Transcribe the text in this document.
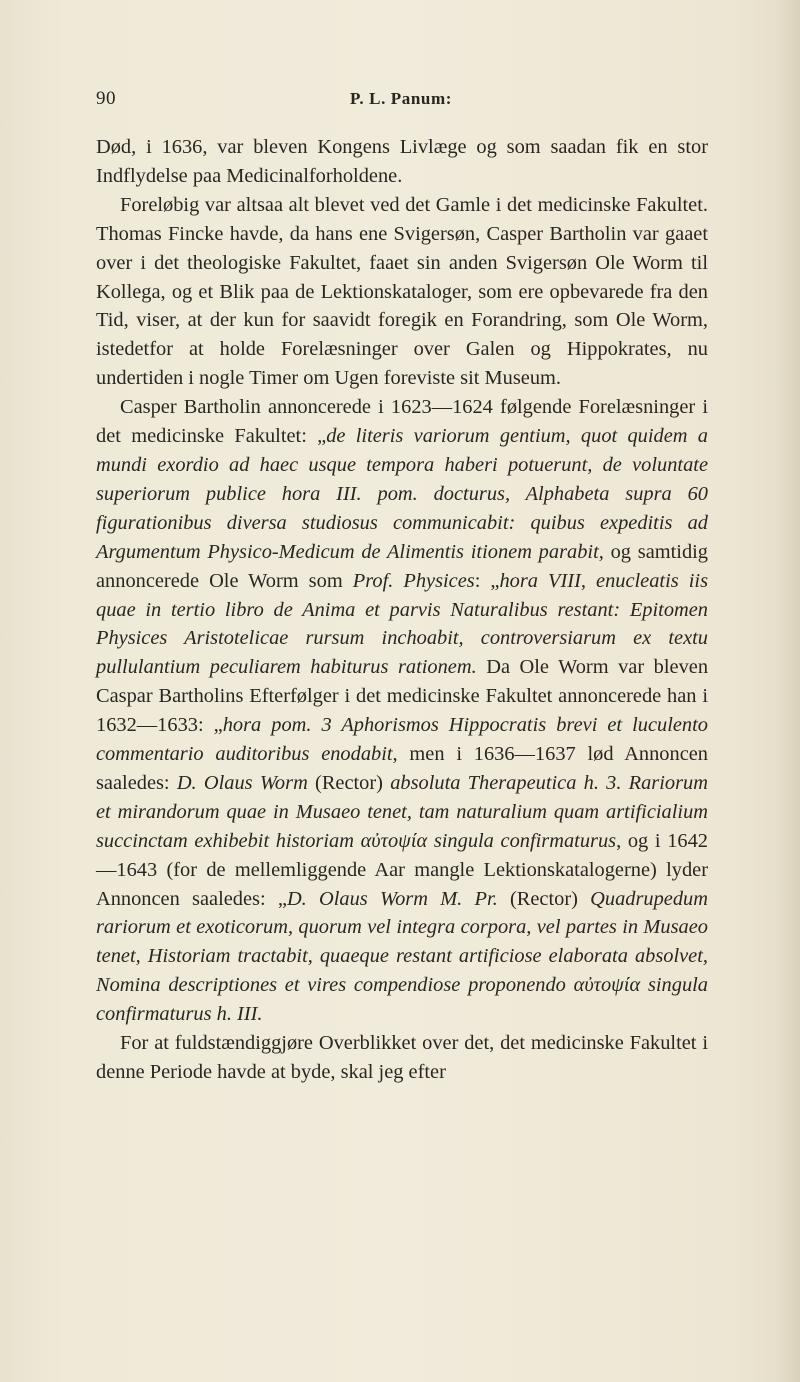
90	P. L. Panum:

Død, i 1636, var bleven Kongens Livlæge og som saadan fik en stor Indflydelse paa Medicinalforholdene.

Foreløbig var altsaa alt blevet ved det Gamle i det medicinske Fakultet. Thomas Fincke havde, da hans ene Svigersøn, Casper Bartholin var gaaet over i det theologiske Fakultet, faaet sin anden Svigersøn Ole Worm til Kollega, og et Blik paa de Lektionskataloger, som ere opbevarede fra den Tid, viser, at der kun for saavidt foregik en Forandring, som Ole Worm, istedetfor at holde Forelæsninger over Galen og Hippokrates, nu undertiden i nogle Timer om Ugen foreviste sit Museum.

Casper Bartholin annoncerede i 1623—1624 følgende Forelæsninger i det medicinske Fakultet: „de literis variorum gentium, quot quidem a mundi exordio ad haec usque tempora haberi potuerunt, de voluntate superiorum publice hora III. pom. docturus, Alphabeta supra 60 figurationibus diversa studiosus communicabit: quibus expeditis ad Argumentum Physico-Medicum de Alimentis itionem parabit, og samtidig annoncerede Ole Worm som Prof. Physices: „hora VIII, enucleatis iis quae in tertio libro de Anima et parvis Naturalibus restant: Epitomen Physices Aristotelicae rursum inchoabit, controversiarum ex textu pullulantium peculiarem habiturus rationem. Da Ole Worm var bleven Caspar Bartholins Efterfølger i det medicinske Fakultet annoncerede han i 1632—1633: „hora pom. 3 Aphorismos Hippocratis brevi et luculento commentario auditoribus enodabit, men i 1636—1637 lød Annoncen saaledes: D. Olaus Worm (Rector) absoluta Therapeutica h. 3. Rariorum et mirandorum quae in Musaeo tenet, tam naturalium quam artificialium succinctam exhibebit historiam αὐτοψία singula confirmaturus, og i 1642—1643 (for de mellemliggende Aar mangle Lektionskatalogerne) lyder Annoncen saaledes: „D. Olaus Worm M. Pr. (Rector) Quadrupedum rariorum et exoticorum, quorum vel integra corpora, vel partes in Musaeo tenet, Historiam tractabit, quaeque restant artificiose elaborata absolvet, Nomina descriptiones et vires compendiose proponendo αὐτοψία singula confirmaturus h. III.

For at fuldstændiggjøre Overblikket over det, det medicinske Fakultet i denne Periode havde at byde, skal jeg efter
